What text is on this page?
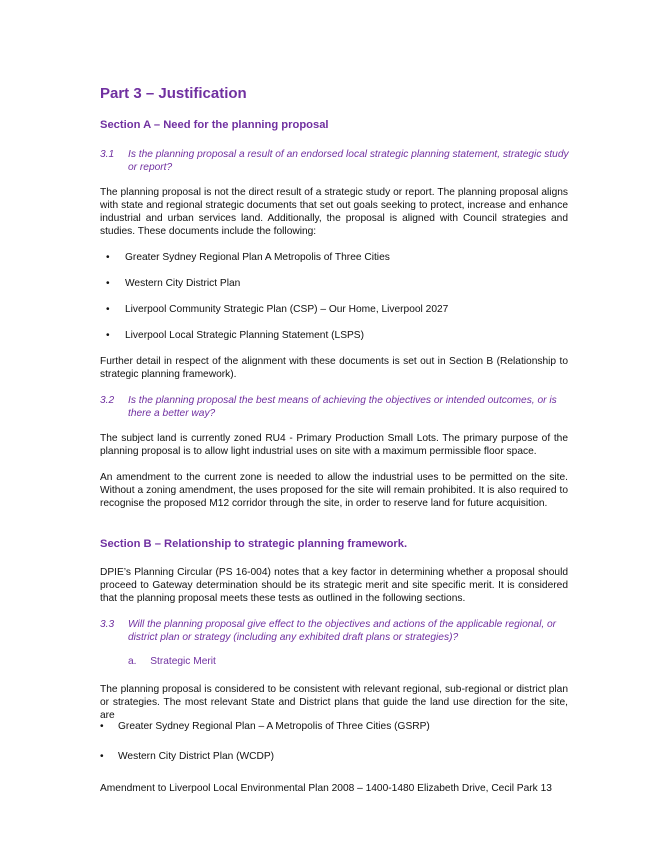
Part 3 – Justification
Section A – Need for the planning proposal
3.1 Is the planning proposal a result of an endorsed local strategic planning statement, strategic study
or report?
The planning proposal is not the direct result of a strategic study or report. The planning proposal aligns with state and regional strategic documents that set out goals seeking to protect, increase and enhance industrial and urban services land. Additionally, the proposal is aligned with Council strategies and studies. These documents include the following:
• Greater Sydney Regional Plan A Metropolis of Three Cities
• Western City District Plan
• Liverpool Community Strategic Plan (CSP) – Our Home, Liverpool 2027
• Liverpool Local Strategic Planning Statement (LSPS)
Further detail in respect of the alignment with these documents is set out in Section B (Relationship to strategic planning framework).
3.2 Is the planning proposal the best means of achieving the objectives or intended outcomes, or is
there a better way?
The subject land is currently zoned RU4 - Primary Production Small Lots. The primary purpose of the planning proposal is to allow light industrial uses on site with a maximum permissible floor space.
An amendment to the current zone is needed to allow the industrial uses to be permitted on the site. Without a zoning amendment, the uses proposed for the site will remain prohibited. It is also required to recognise the proposed M12 corridor through the site, in order to reserve land for future acquisition.
Section B – Relationship to strategic planning framework.
DPIE’s Planning Circular (PS 16-004) notes that a key factor in determining whether a proposal should proceed to Gateway determination should be its strategic merit and site specific merit. It is considered that the planning proposal meets these tests as outlined in the following sections.
3.3 Will the planning proposal give effect to the objectives and actions of the applicable regional, or
district plan or strategy (including any exhibited draft plans or strategies)?
a. Strategic Merit
The planning proposal is considered to be consistent with relevant regional, sub-regional or district plan or strategies. The most relevant State and District plans that guide the land use direction for the site, are
• Greater Sydney Regional Plan – A Metropolis of Three Cities (GSRP)
• Western City District Plan (WCDP)
Amendment to Liverpool Local Environmental Plan 2008 – 1400-1480 Elizabeth Drive, Cecil Park 13
